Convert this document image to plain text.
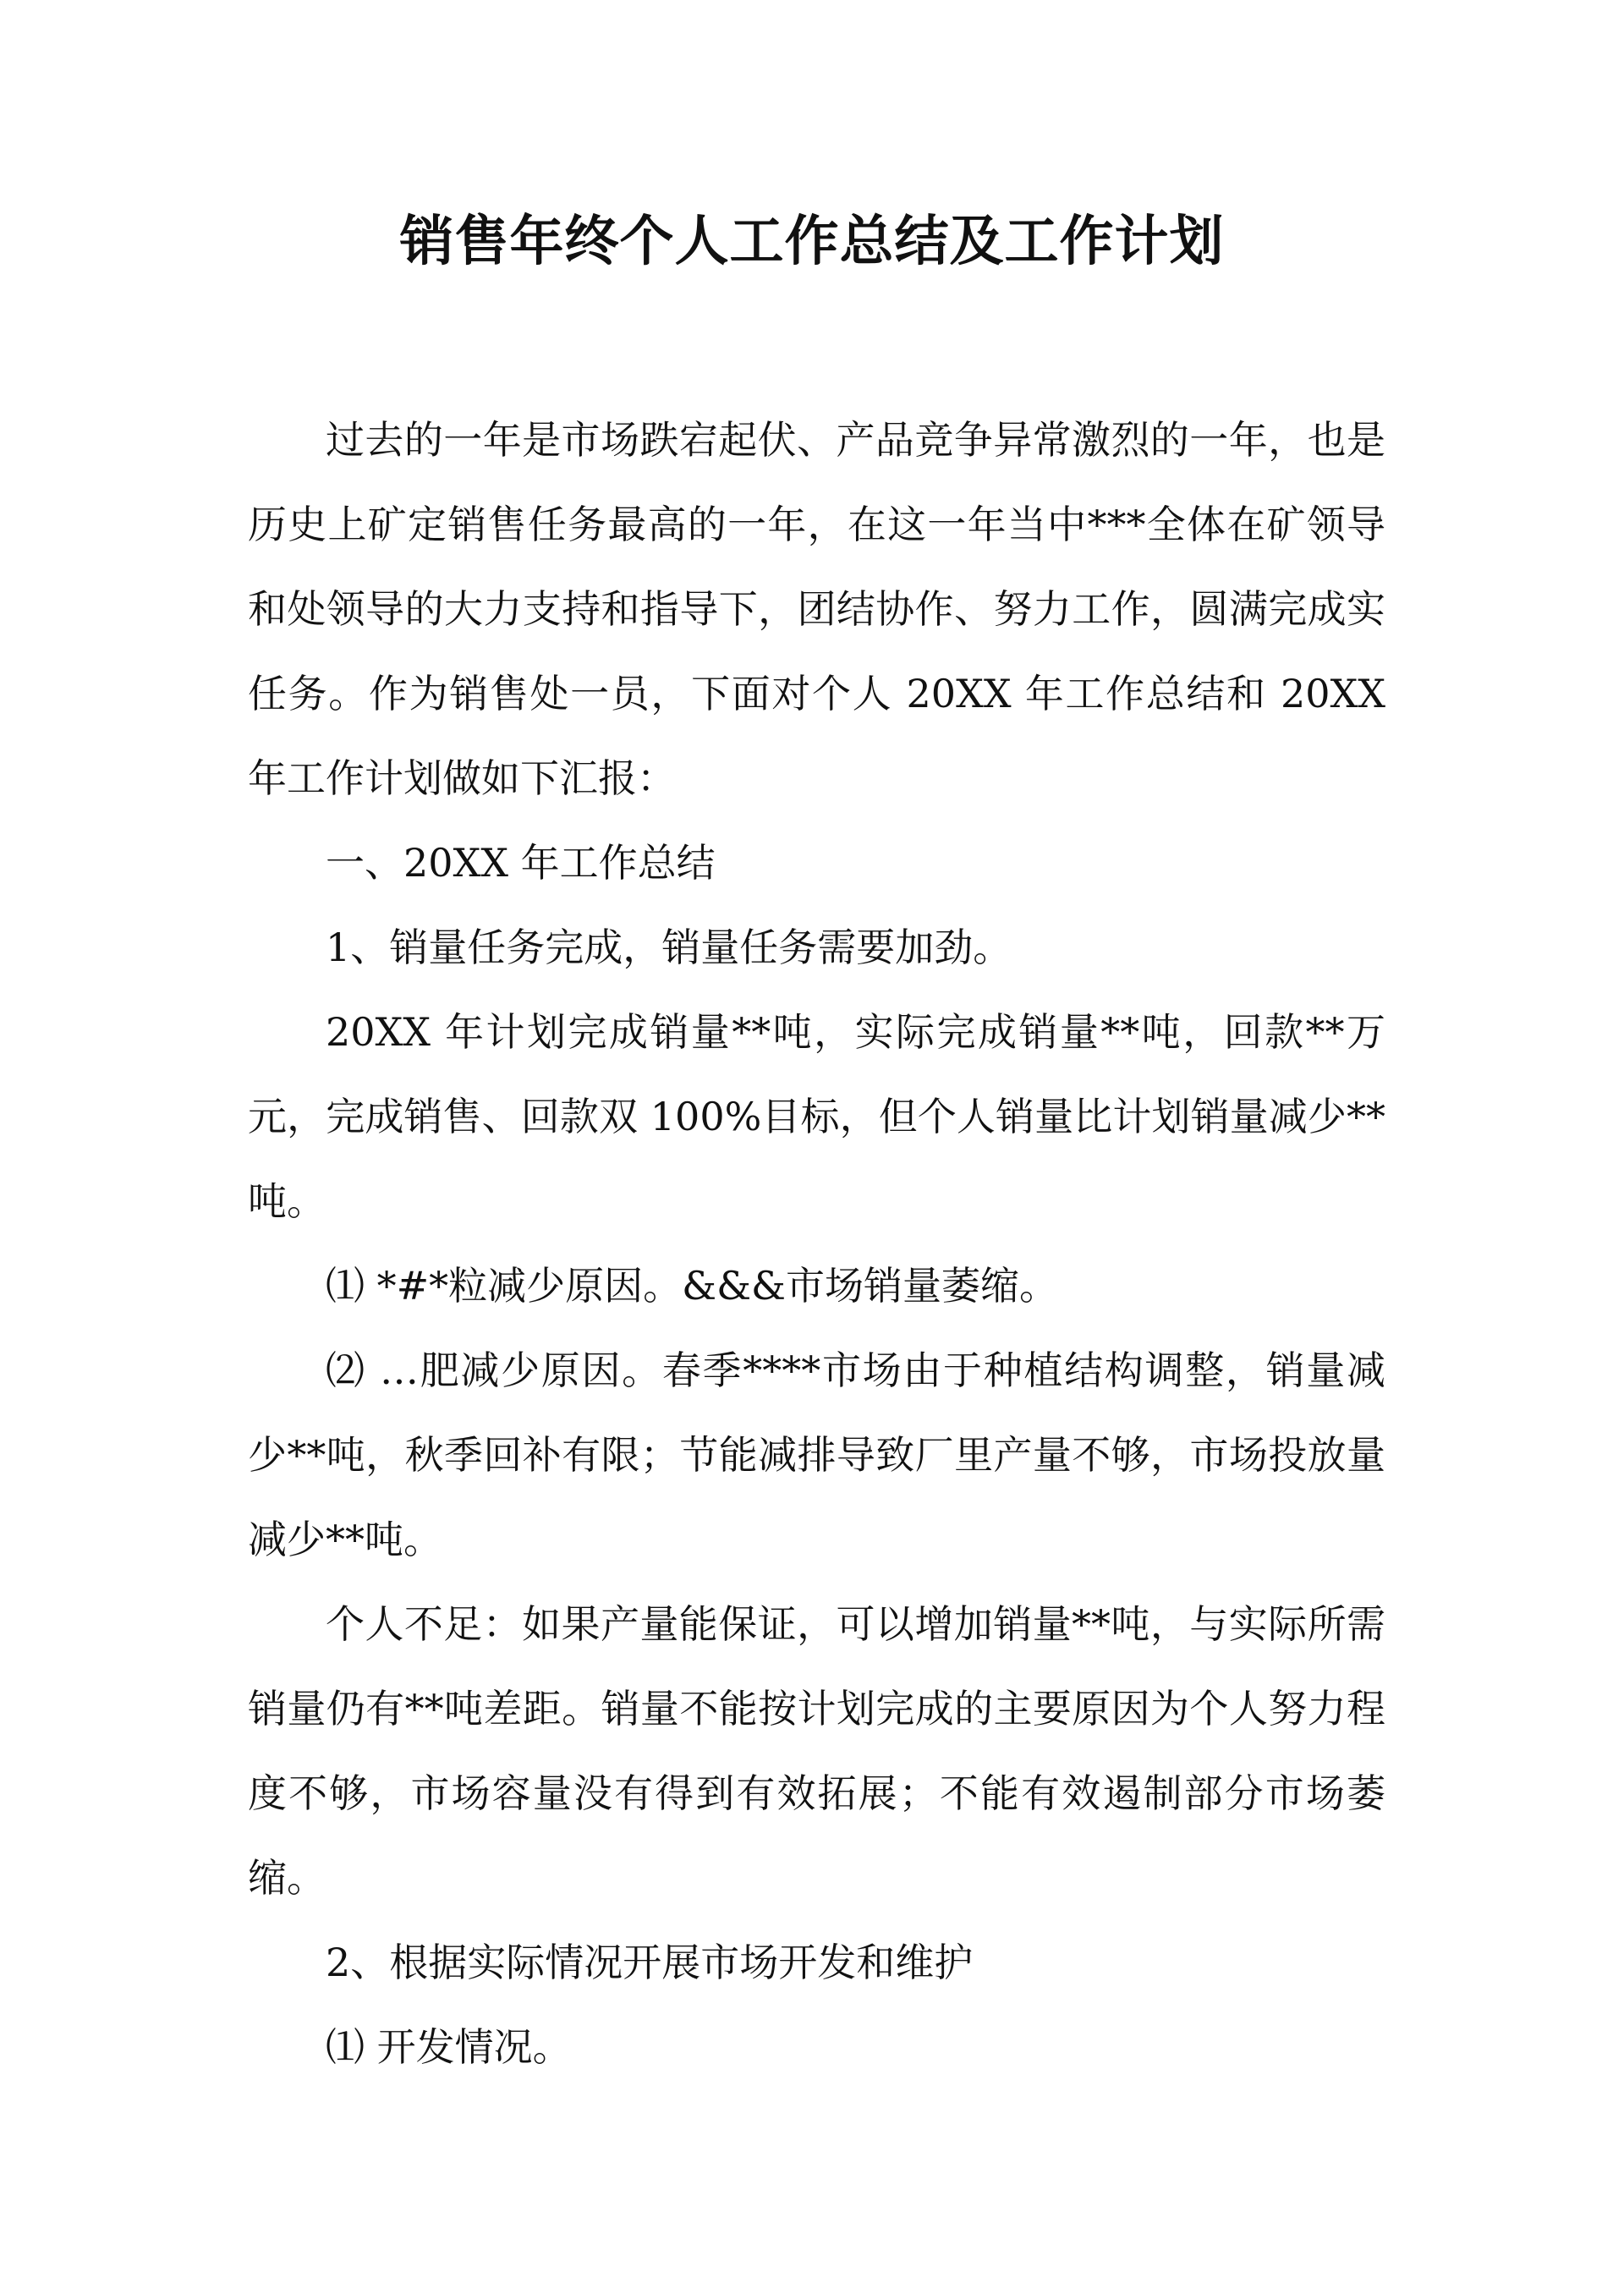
销售年终个人工作总结及工作计划

过去的一年是市场跌宕起伏、产品竞争异常激烈的一年，也是历史上矿定销售任务最高的一年，在这一年当中***全体在矿领导和处领导的大力支持和指导下，团结协作、努力工作，圆满完成实任务。作为销售处一员，下面对个人 20XX 年工作总结和 20XX 年工作计划做如下汇报：

一、20XX 年工作总结

1、销量任务完成，销量任务需要加劲。

20XX 年计划完成销量**吨，实际完成销量**吨，回款**万元，完成销售、回款双 100%目标，但个人销量比计划销量减少**吨。

⑴ *#*粒减少原因。&&&市场销量萎缩。

⑵ …肥减少原因。春季****市场由于种植结构调整，销量减少**吨，秋季回补有限；节能减排导致厂里产量不够，市场投放量减少**吨。

个人不足：如果产量能保证，可以增加销量**吨，与实际所需销量仍有**吨差距。销量不能按计划完成的主要原因为个人努力程度不够，市场容量没有得到有效拓展；不能有效遏制部分市场萎缩。

2、根据实际情况开展市场开发和维护

⑴ 开发情况。
